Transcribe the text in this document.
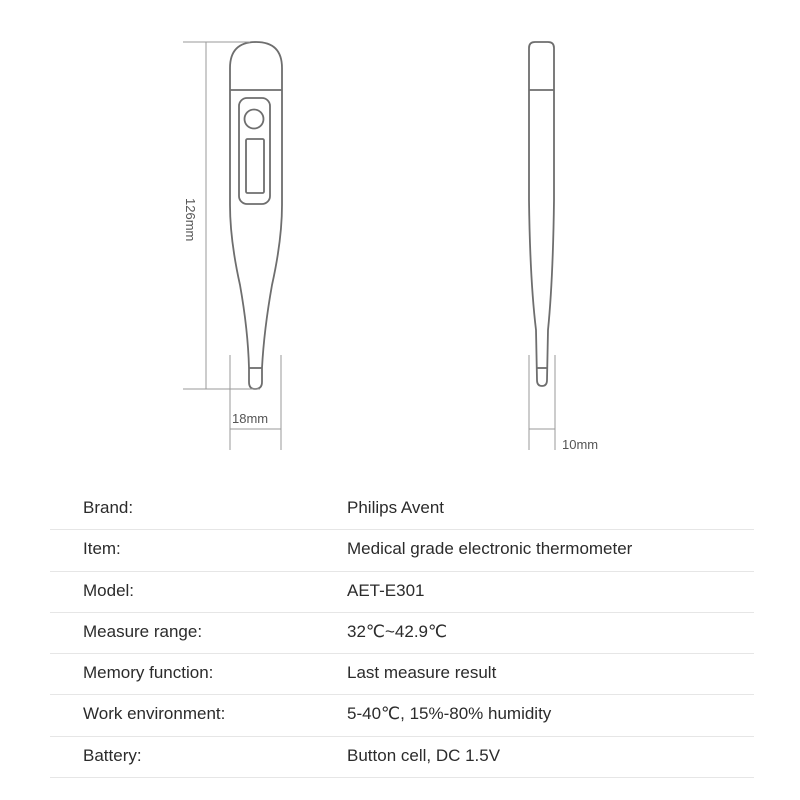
126mm
18mm
10mm
Brand:	Philips Avent
Item:	Medical grade electronic thermometer
Model:	AET-E301
Measure range:	32℃~42.9℃
Memory function:	Last measure result
Work environment:	5-40℃, 15%-80% humidity
Battery:	Button cell, DC 1.5V
